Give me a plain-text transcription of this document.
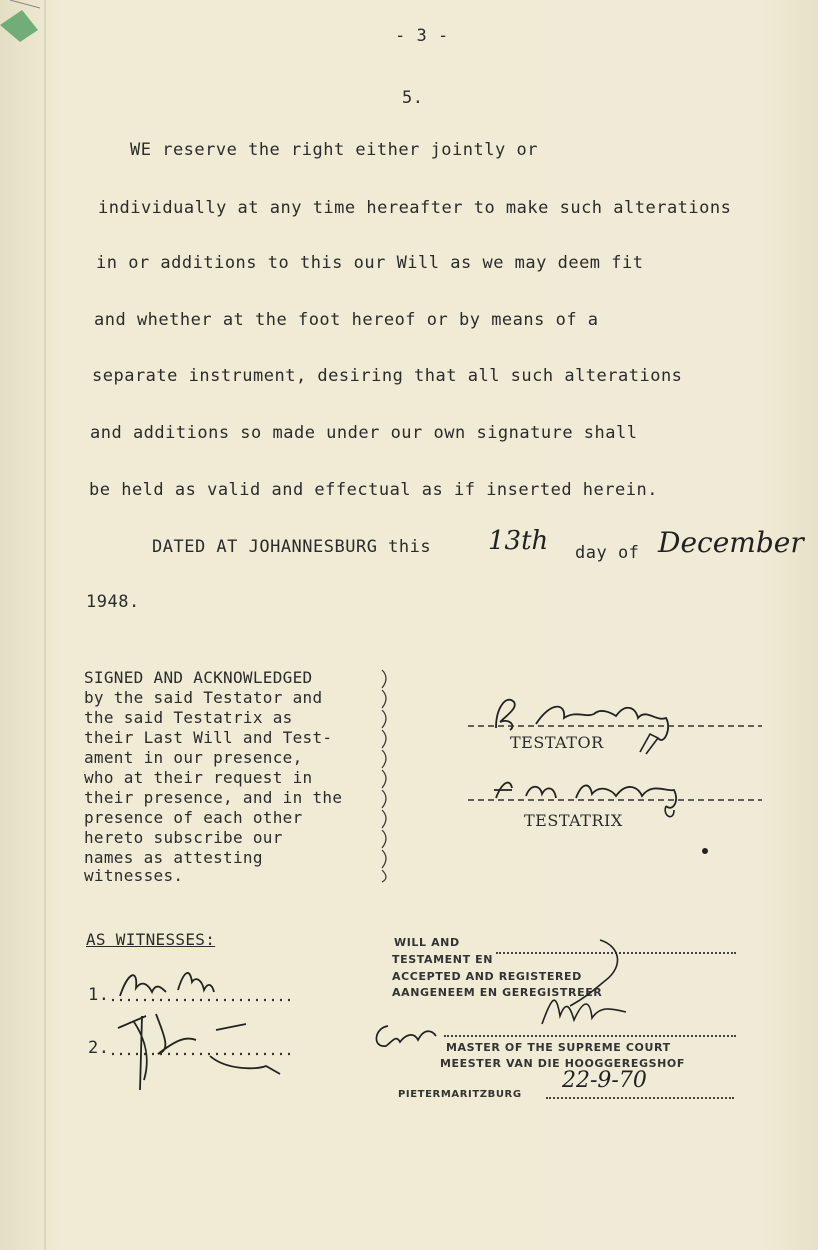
- 3 -
5.
WE reserve the right either jointly or
individually at any time hereafter to make such alterations
in or additions to this our Will as we may deem fit
and whether at the foot hereof or by means of a
separate instrument, desiring that all such alterations
and additions so made under our own signature shall
be held as valid and effectual as if inserted herein.
DATED AT JOHANNESBURG this 13th day of December
1948.
SIGNED AND ACKNOWLEDGED
by the said Testator and
the said Testatrix as
their Last Will and Test-
ament in our presence,
who at their request in
their presence, and in the
presence of each other
hereto subscribe our
names as attesting
witnesses.
TESTATOR
TESTATRIX
AS WITNESSES:
1.
2.
WILL AND
TESTAMENT EN
ACCEPTED AND REGISTERED
AANGENEEM EN GEREGISTREER
MASTER OF THE SUPREME COURT
MEESTER VAN DIE HOOGGEREGSHOF
PIETERMARITZBURG
22-9-70
